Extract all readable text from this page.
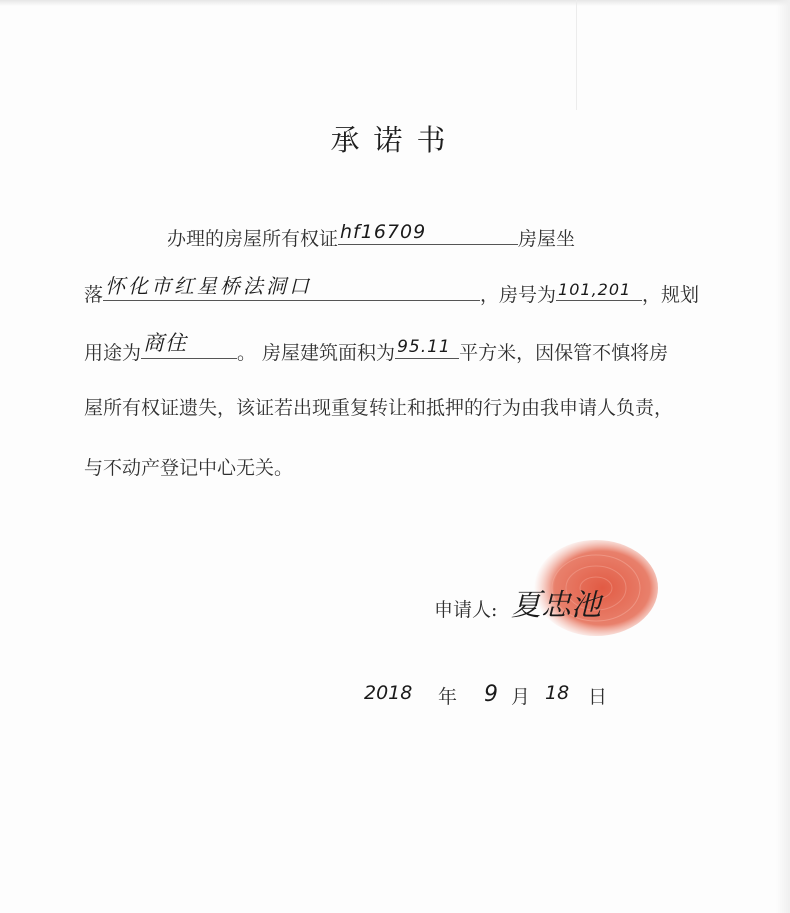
承诺书
办理的房屋所有权证 hf16709	房屋坐
落 怀化市红星桥法洞口	，房号为 101,201 ，规划
用途为 商住	。 房屋建筑面积为 95.11 平方米，因保管不慎将房
屋所有权证遗失，该证若出现重复转让和抵押的行为由我申请人负责，
与不动产登记中心无关。
申请人: 夏忠池
2018 年 9 月 18 日
